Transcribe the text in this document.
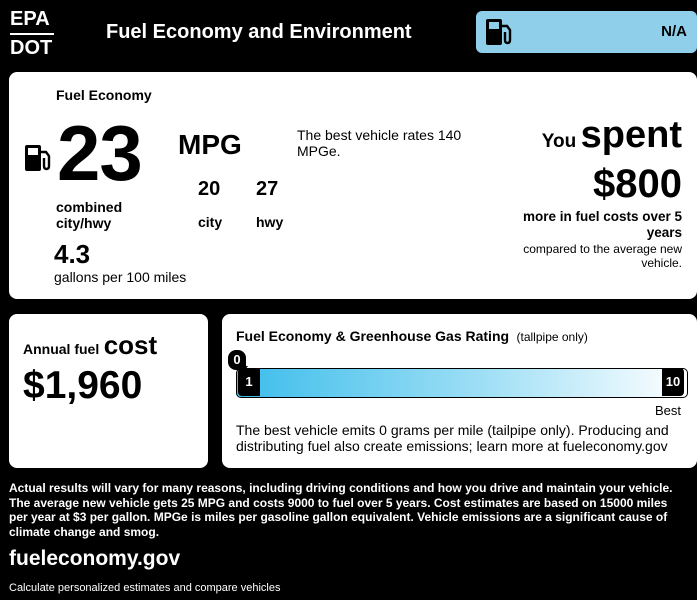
EPA
DOT
Fuel Economy and Environment	N/A
Fuel Economy
23 MPG
combined city/hwy
20
city
27
hwy
The best vehicle rates 140 MPGe.
4.3
gallons per 100 miles
You spent
$800
more in fuel costs over 5 years
compared to the average new vehicle.
Annual fuel cost
$1,960
Fuel Economy & Greenhouse Gas Rating (tallpipe only)
The best vehicle emits 0 grams per mile (tailpipe only). Producing and distributing fuel also create emissions; learn more at fueleconomy.gov
1	10
0
Best
Actual results will vary for many reasons, including driving conditions and how you drive and maintain your vehicle. The average new vehicle gets 25 MPG and costs 9000 to fuel over 5 years. Cost estimates are based on 15000 miles per year at $3 per gallon. MPGe is miles per gasoline gallon equivalent. Vehicle emissions are a significant cause of climate change and smog.
fueleconomy.gov
Calculate personalized estimates and compare vehicles
